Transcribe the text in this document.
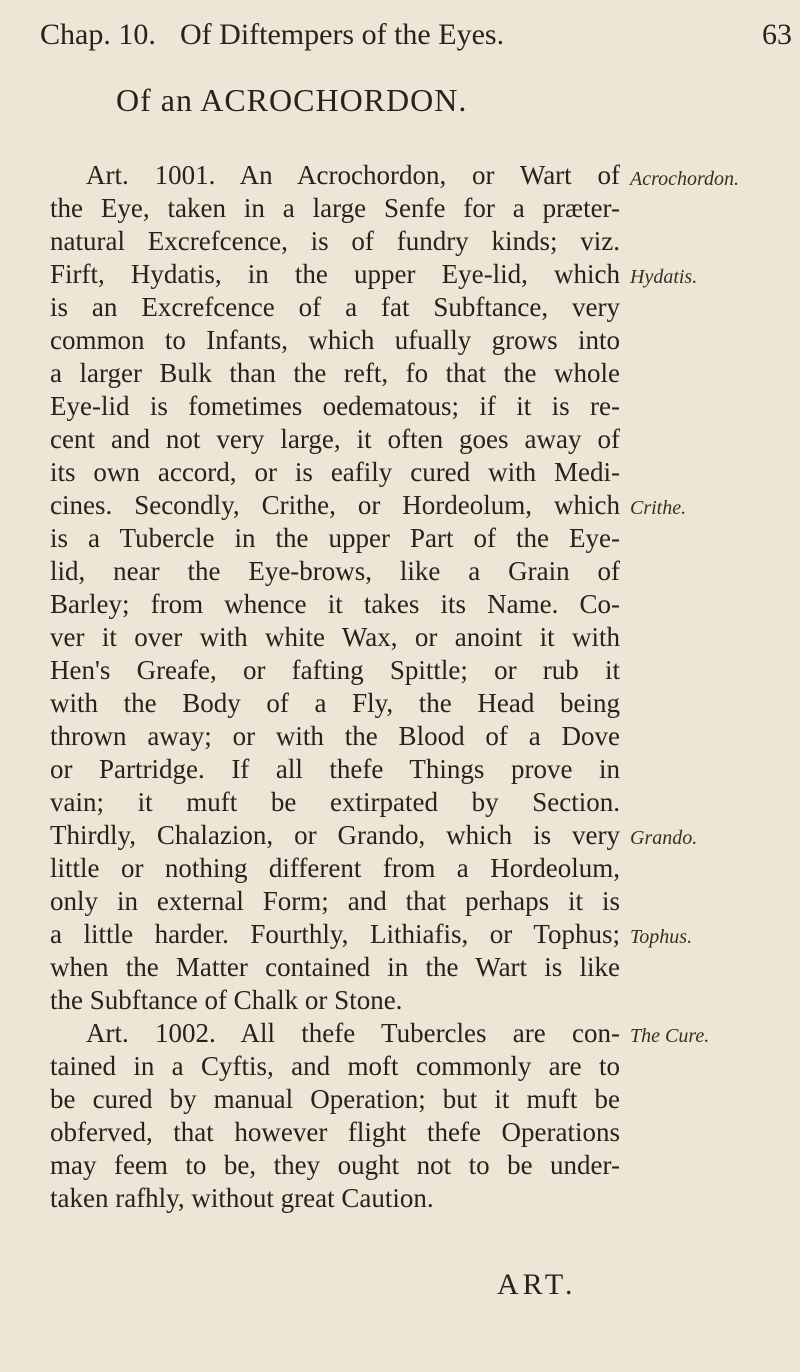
Chap. 10. Of Diftempers of the Eyes.	63
Of an ACROCHORDON.
Art. 1001. An Acrochordon, or Wart of
the Eye, taken in a large Senfe for a præter-
natural Excrefcence, is of fundry kinds; viz.
Firft, Hydatis, in the upper Eye-lid, which
is an Excrefcence of a fat Subftance, very
common to Infants, which ufually grows into
a larger Bulk than the reft, fo that the whole
Eye-lid is fometimes oedematous; if it is re-
cent and not very large, it often goes away of
its own accord, or is eafily cured with Medi-
cines. Secondly, Crithe, or Hordeolum, which
is a Tubercle in the upper Part of the Eye-
lid, near the Eye-brows, like a Grain of
Barley; from whence it takes its Name. Co-
ver it over with white Wax, or anoint it with
Hen's Greafe, or fafting Spittle; or rub it
with the Body of a Fly, the Head being
thrown away; or with the Blood of a Dove
or Partridge. If all thefe Things prove in
vain; it muft be extirpated by Section.
Thirdly, Chalazion, or Grando, which is very
little or nothing different from a Hordeolum,
only in external Form; and that perhaps it is
a little harder. Fourthly, Lithiafis, or Tophus;
when the Matter contained in the Wart is like
the Subftance of Chalk or Stone.
Art. 1002. All thefe Tubercles are con-
tained in a Cyftis, and moft commonly are to
be cured by manual Operation; but it muft be
obferved, that however flight thefe Operations
may feem to be, they ought not to be under-
taken rafhly, without great Caution.
Acrochordon.
Hydatis.
Crithe.
Grando.
Tophus.
The Cure.
ART.
